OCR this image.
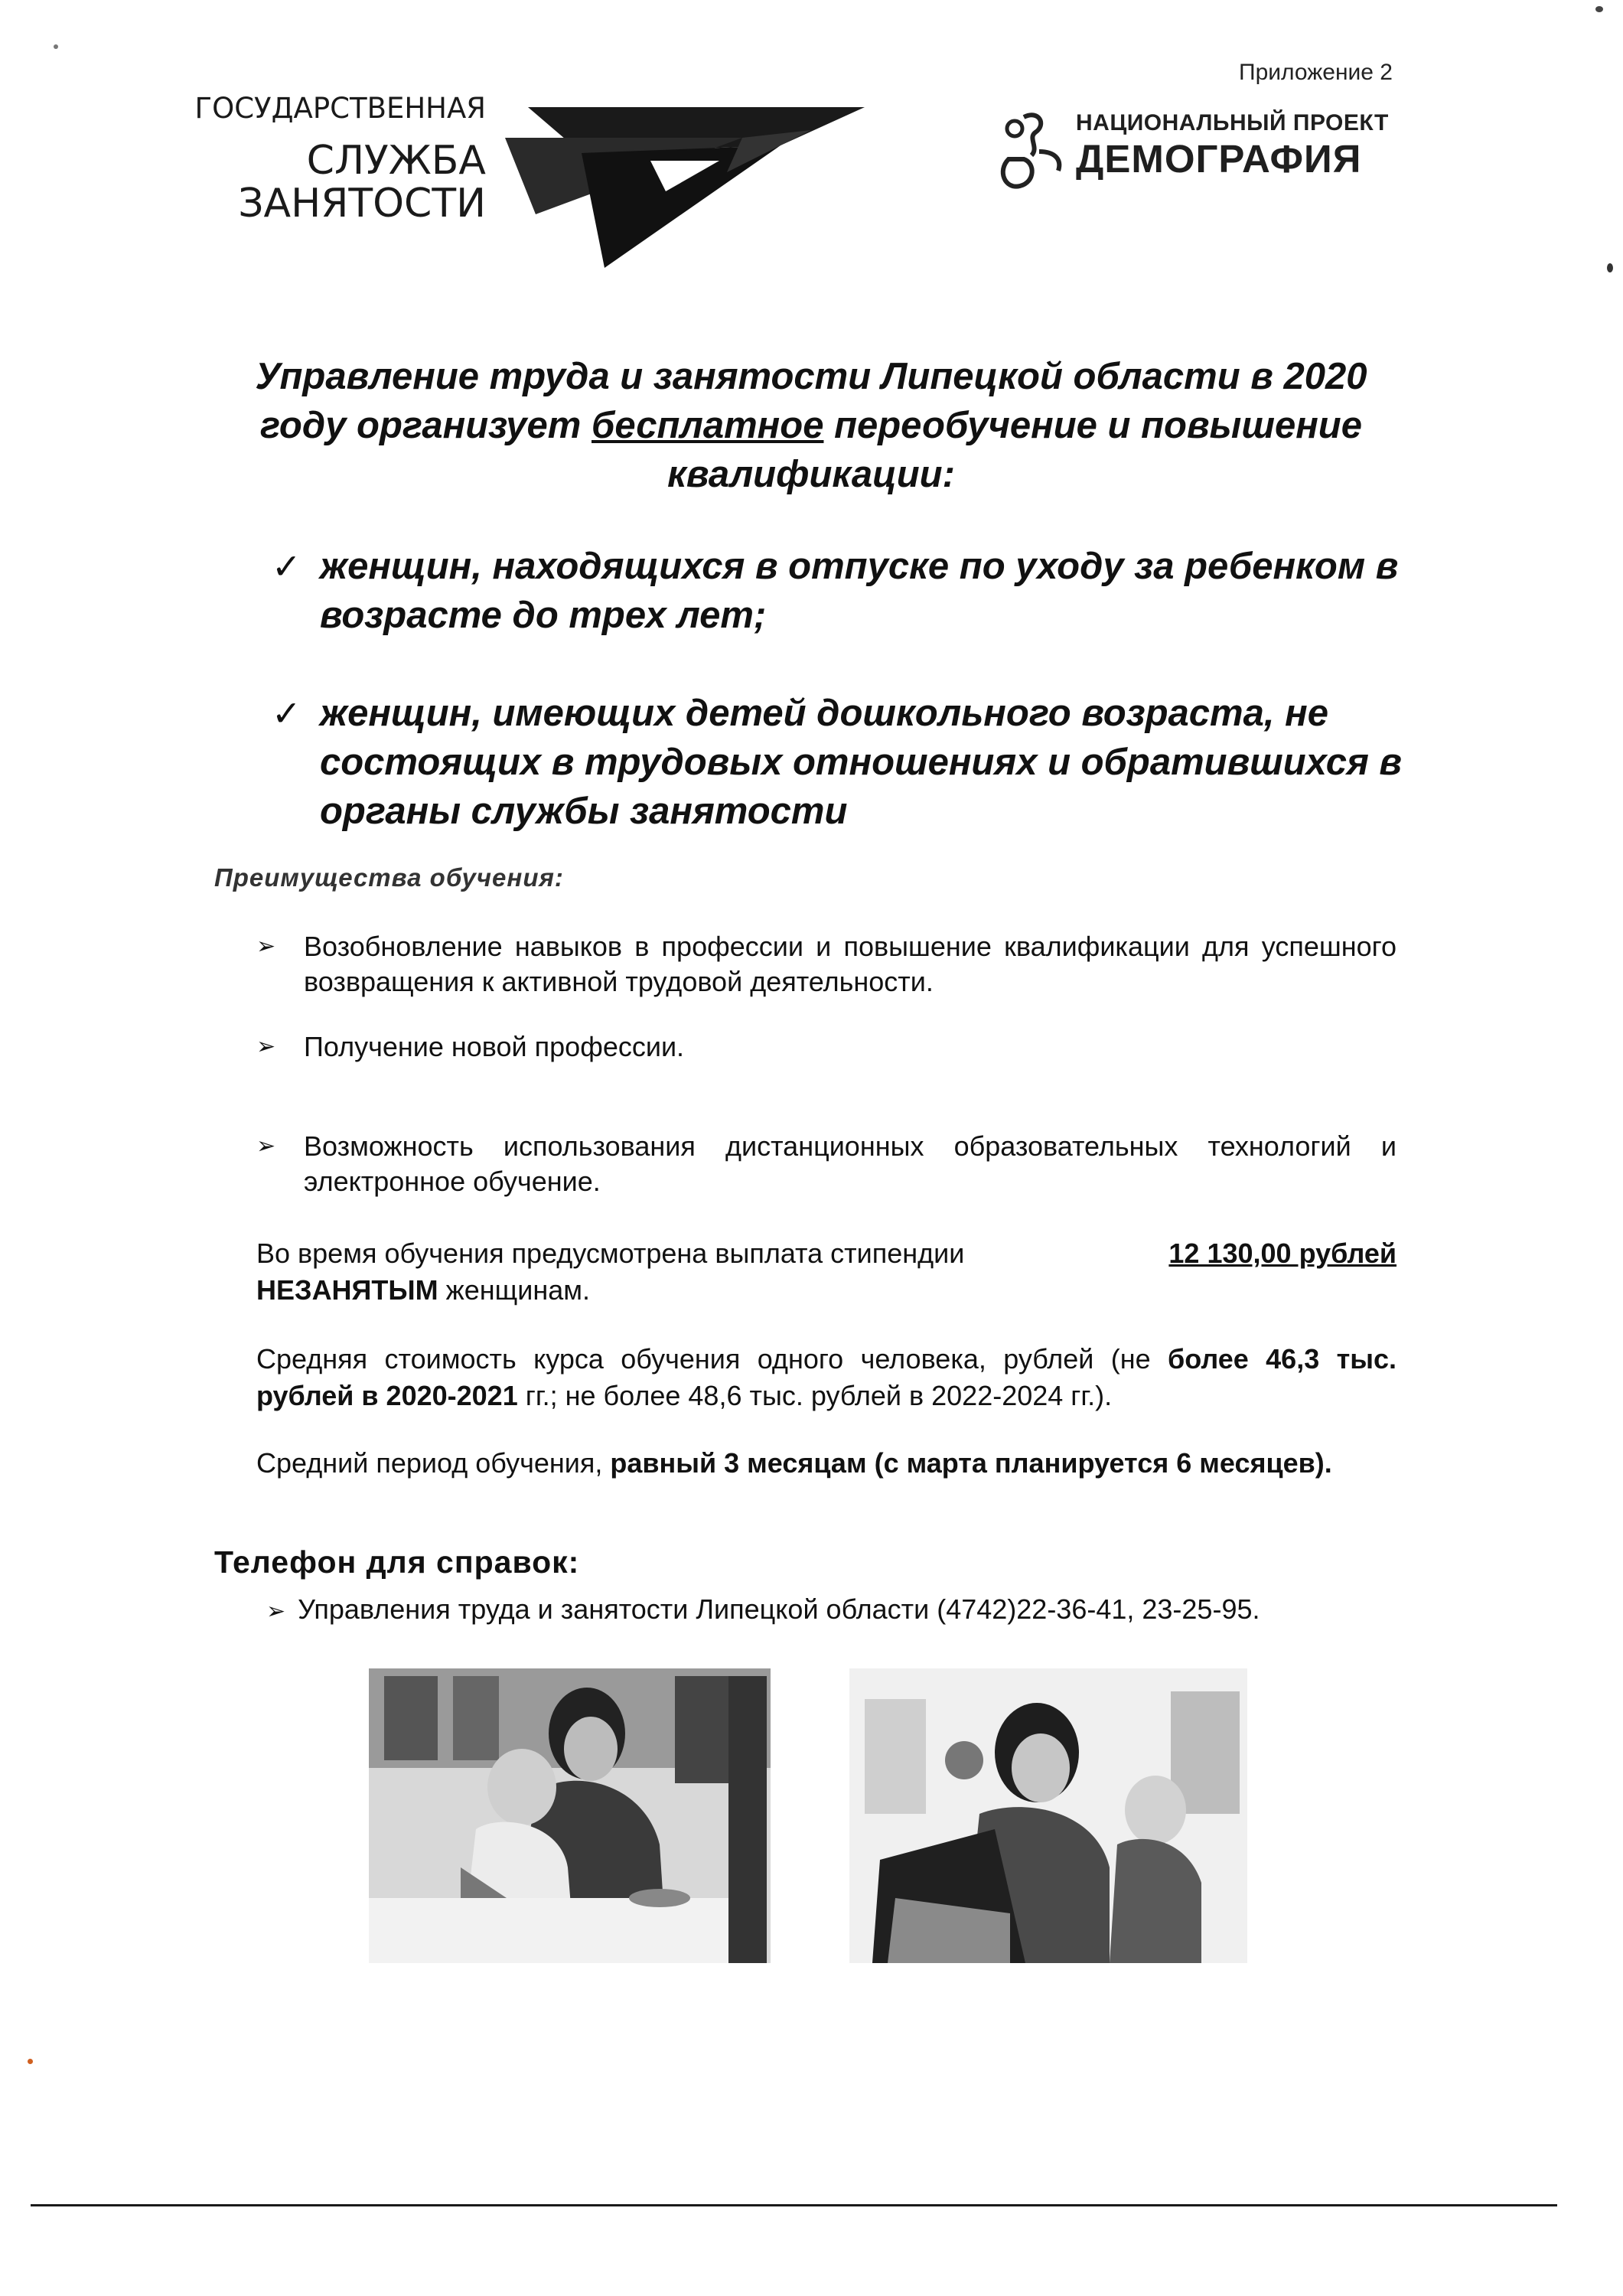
ГОСУДАРСТВЕННАЯ
СЛУЖБА
ЗАНЯТОСТИ
Приложение 2
НАЦИОНАЛЬНЫЙ ПРОЕКТ
ДЕМОГРАФИЯ
Управление труда и занятости Липецкой области в 2020 году организует бесплатное переобучение и повышение квалификации:
✓ женщин, находящихся в отпуске по уходу за ребенком в возрасте до трех лет;
✓ женщин, имеющих детей дошкольного возраста, не состоящих в трудовых отношениях и обратившихся в органы службы занятости
Преимущества обучения:
➢ Возобновление навыков в профессии и повышение квалификации для успешного возвращения к активной трудовой деятельности.
➢ Получение новой профессии.
➢ Возможность использования дистанционных образовательных технологий и электронное обучение.
12 130,00 рублей
Во время обучения предусмотрена выплата стипендии
НЕЗАНЯТЫМ женщинам.
Средняя стоимость курса обучения одного человека, рублей (не более 46,3 тыс. рублей в 2020-2021 гг.; не более 48,6 тыс. рублей в 2022-2024 гг.).
Средний период обучения, равный 3 месяцам (с марта планируется 6 месяцев).
Телефон для справок:
➢ Управления труда и занятости Липецкой области (4742)22-36-41, 23-25-95.
